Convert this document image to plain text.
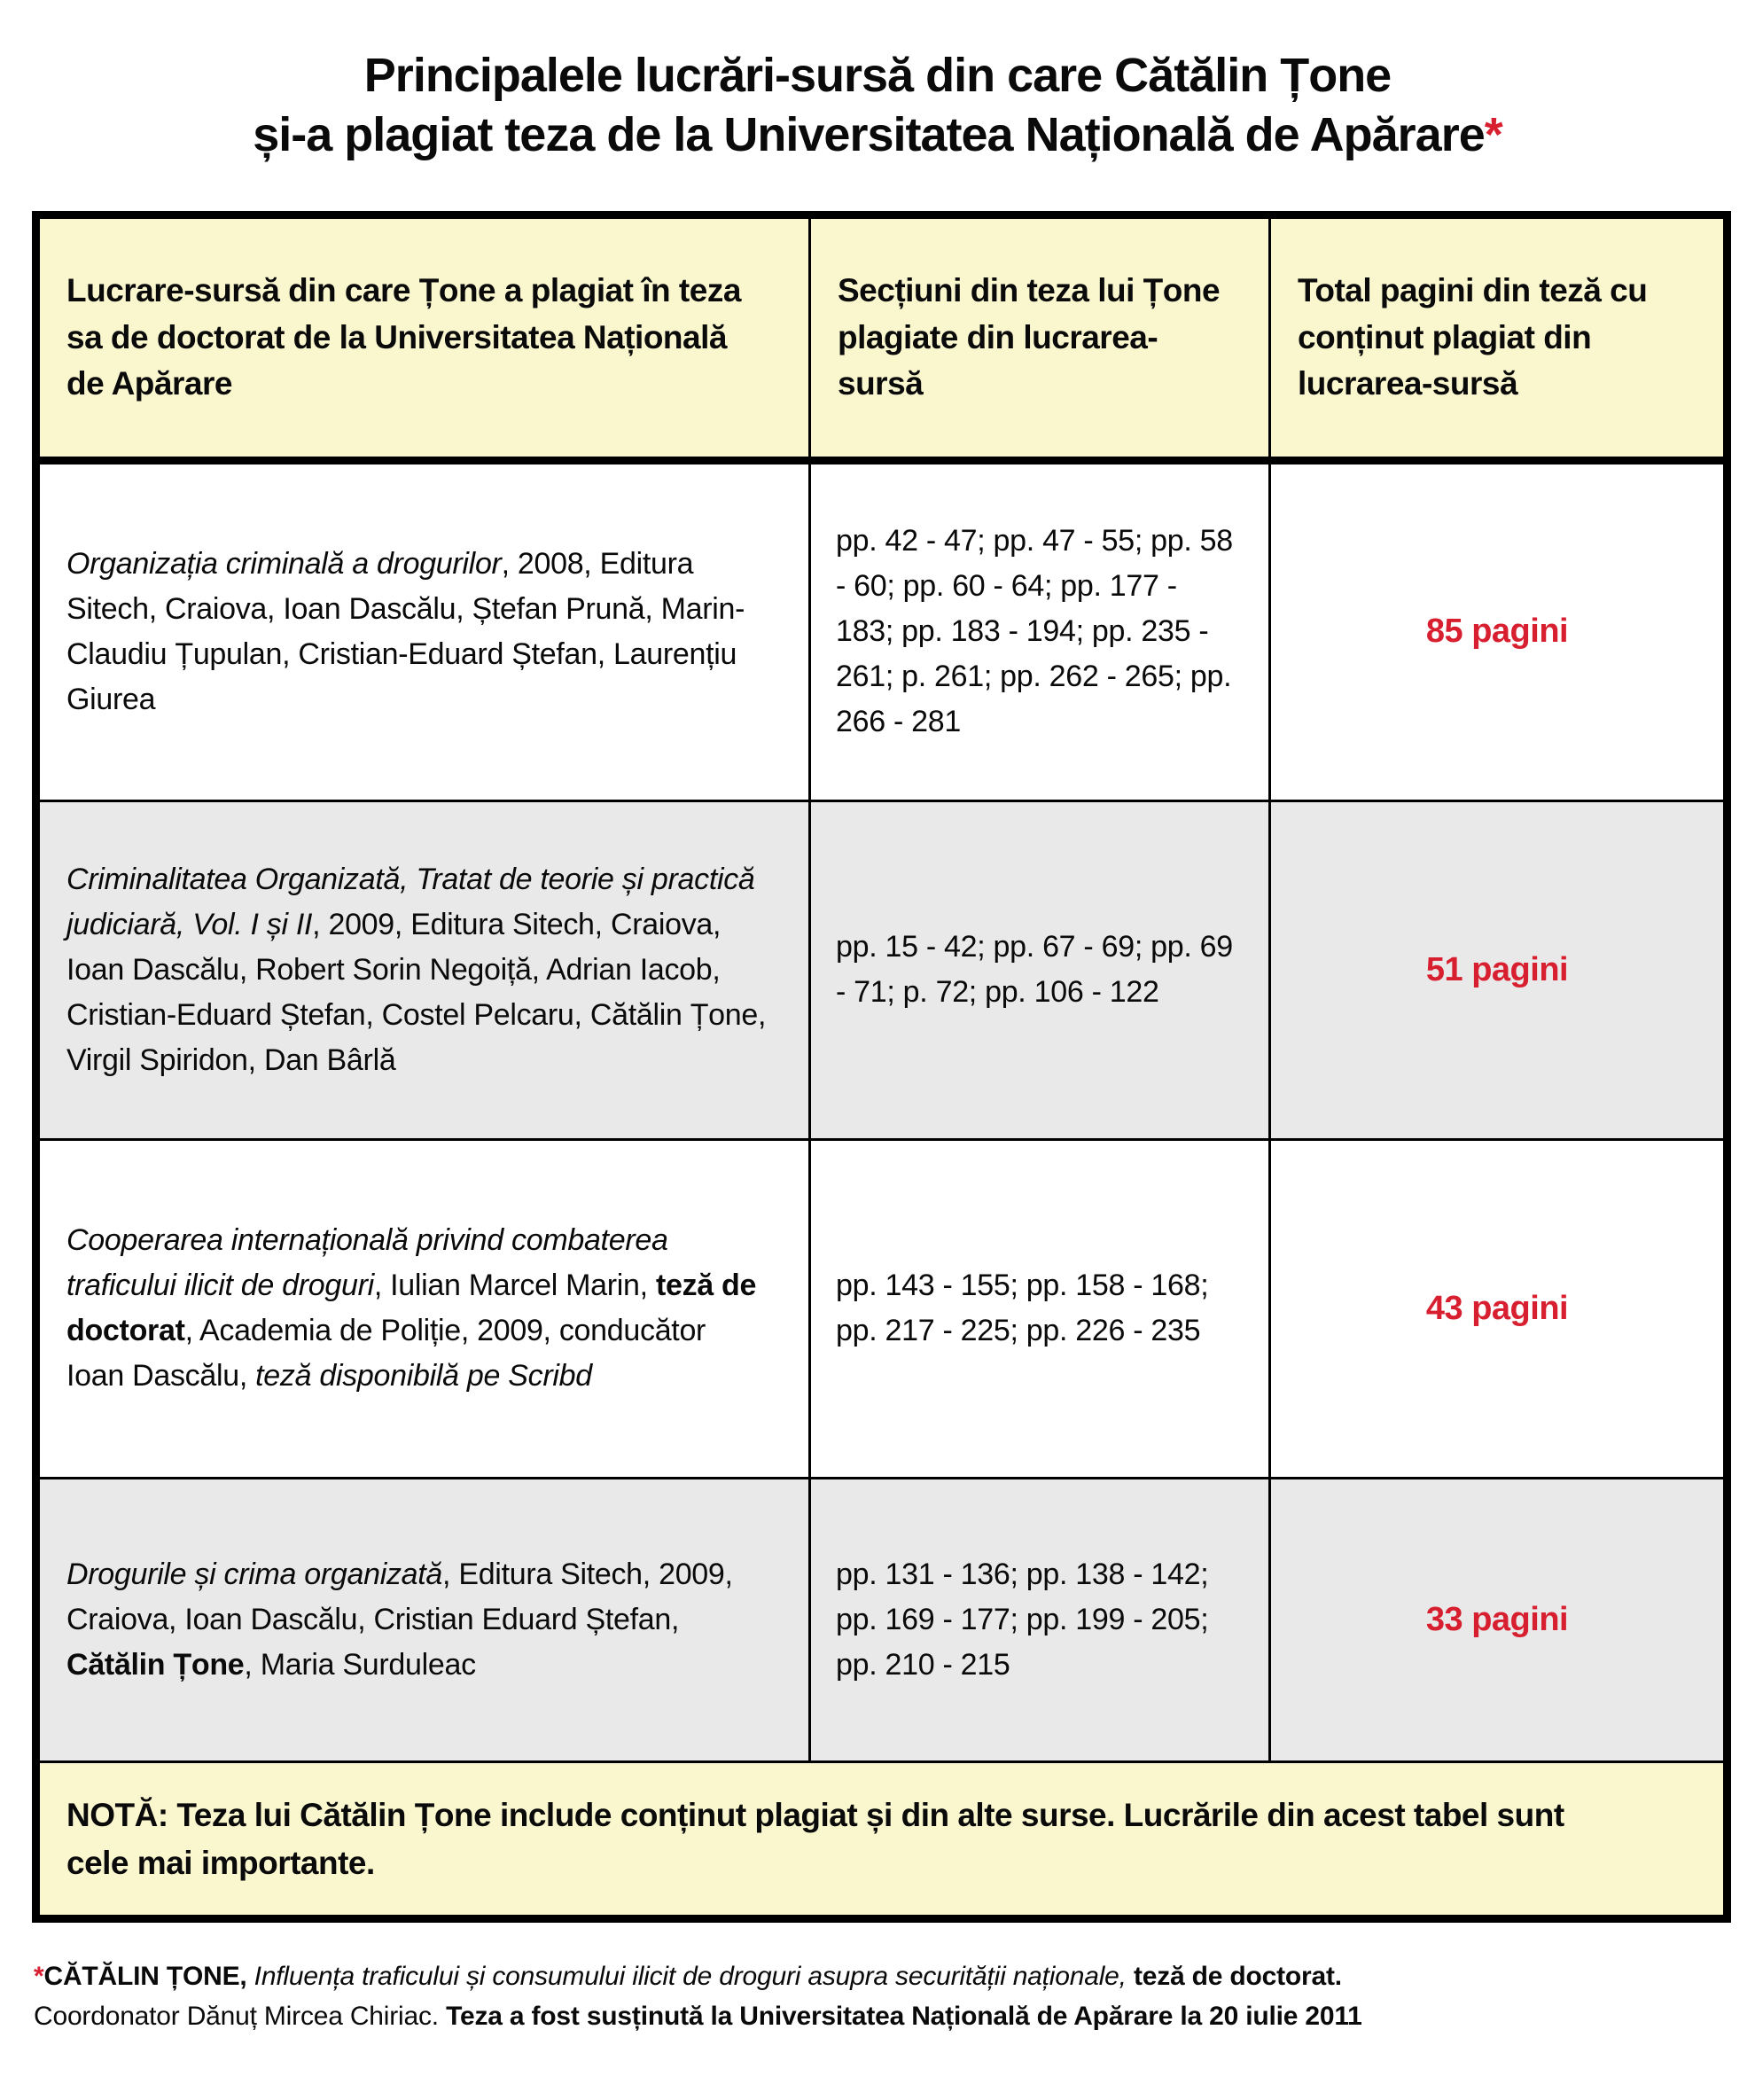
Principalele lucrări-sursă din care Cătălin Țone
și-a plagiat teza de la Universitatea Națională de Apărare*
Lucrare-sursă din care Țone a plagiat în teza sa de doctorat de la Universitatea Națională de Apărare	Secțiuni din teza lui Țone plagiate din lucrarea-sursă	Total pagini din teză cu conținut plagiat din lucrarea-sursă
Organizația criminală a drogurilor, 2008, Editura Sitech, Craiova, Ioan Dascălu, Ștefan Prună, Marin-Claudiu Țupulan, Cristian-Eduard Ștefan, Laurențiu Giurea	pp. 42 - 47; pp. 47 - 55; pp. 58 - 60; pp. 60 - 64; pp. 177 - 183; pp. 183 - 194; pp. 235 - 261; p. 261; pp. 262 - 265; pp. 266 - 281	85 pagini
Criminalitatea Organizată, Tratat de teorie și practică judiciară, Vol. I și II, 2009, Editura Sitech, Craiova, Ioan Dascălu, Robert Sorin Negoiță, Adrian Iacob, Cristian-Eduard Ștefan, Costel Pelcaru, Cătălin Țone, Virgil Spiridon, Dan Bârlă	pp. 15 - 42; pp. 67 - 69; pp. 69 - 71; p. 72; pp. 106 - 122	51 pagini
Cooperarea internațională privind combaterea traficului ilicit de droguri, Iulian Marcel Marin, teză de doctorat, Academia de Poliție, 2009, conducător Ioan Dascălu, teză disponibilă pe Scribd	pp. 143 - 155; pp. 158 - 168; pp. 217 - 225; pp. 226 - 235	43 pagini
Drogurile și crima organizată, Editura Sitech, 2009, Craiova, Ioan Dascălu, Cristian Eduard Ștefan, Cătălin Țone, Maria Surduleac	pp. 131 - 136; pp. 138 - 142; pp. 169 - 177; pp. 199 - 205; pp. 210 - 215	33 pagini
NOTĂ: Teza lui Cătălin Țone include conținut plagiat și din alte surse. Lucrările din acest tabel sunt cele mai importante.		
*CĂTĂLIN ȚONE, Influența traficului și consumului ilicit de droguri asupra securității naționale, teză de doctorat.
Coordonator Dănuț Mircea Chiriac. Teza a fost susținută la Universitatea Națională de Apărare la 20 iulie 2011
